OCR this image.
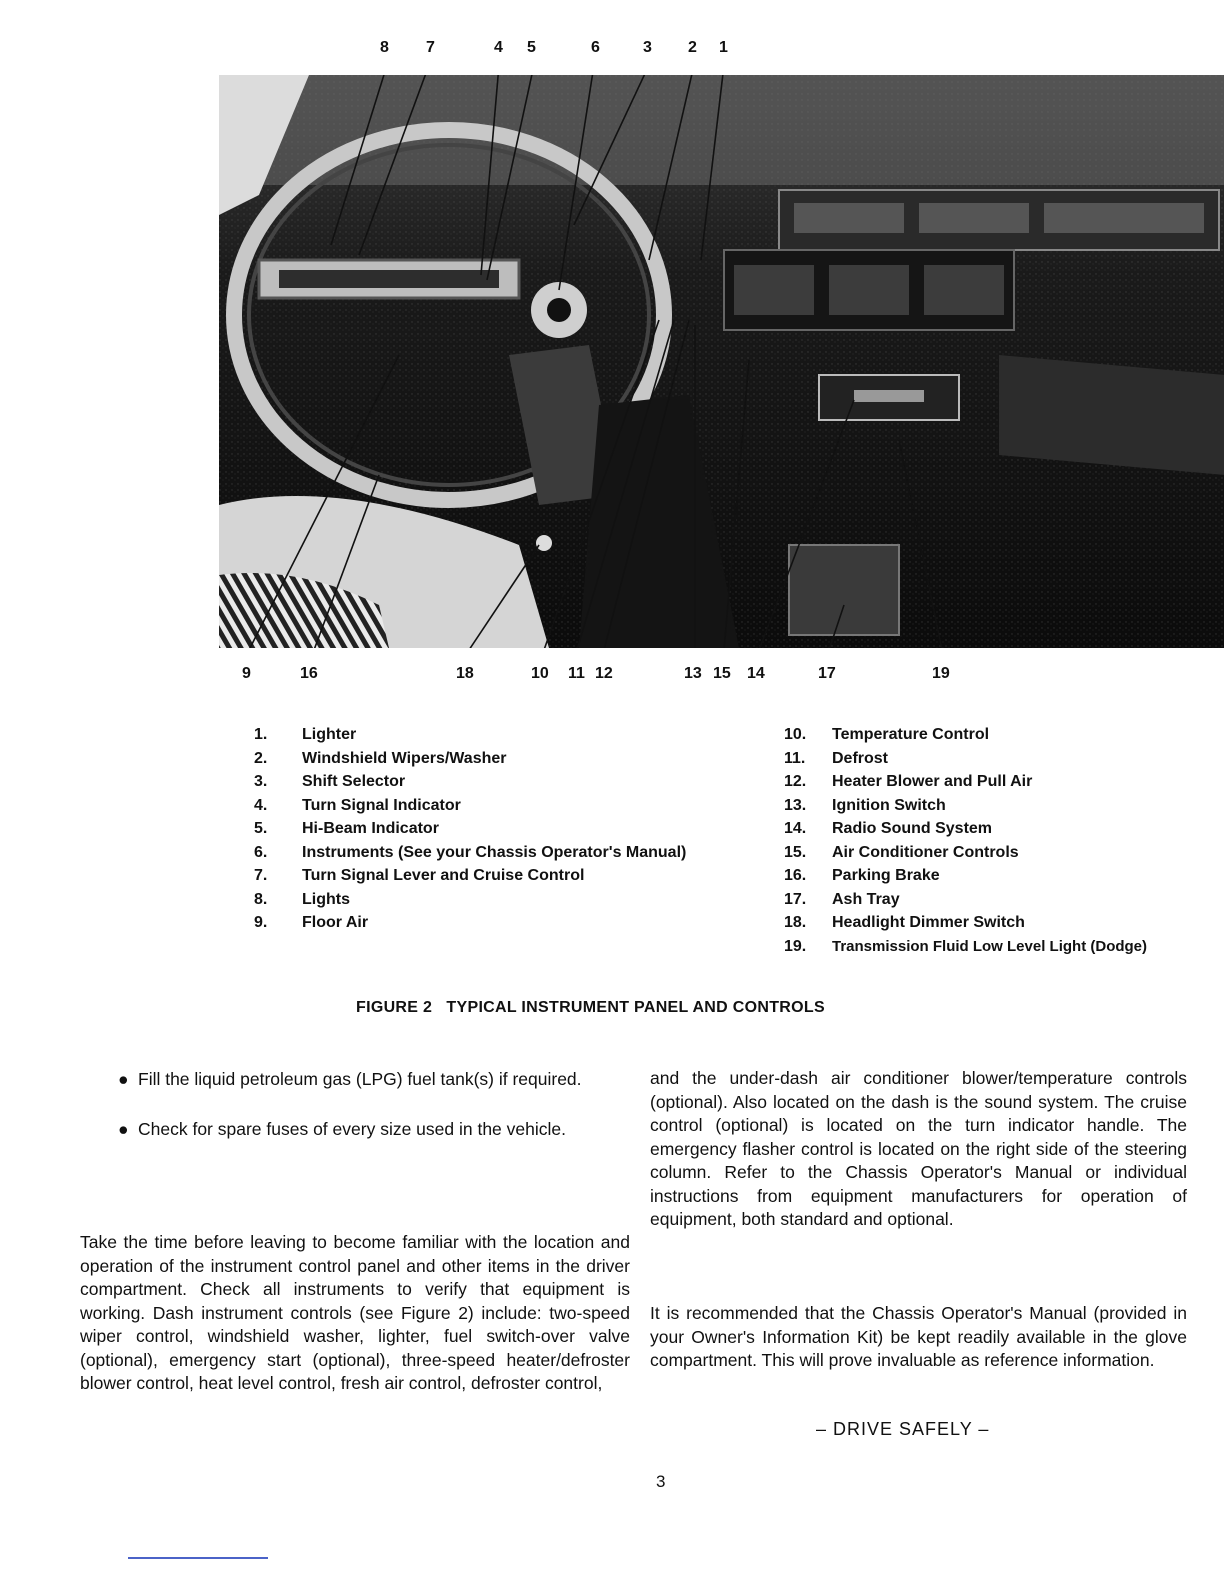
8 7	4 5	6	3 2 1
9	16	18	10 11 12	13 15 14	17	19
1.	Lighter
2.	Windshield Wipers/Washer
3.	Shift Selector
4.	Turn Signal Indicator
5.	Hi-Beam Indicator
6.	Instruments (See your Chassis Operator's Manual)
7.	Turn Signal Lever and Cruise Control
8.	Lights
9.	Floor Air
10.	Temperature Control
11.	Defrost
12.	Heater Blower and Pull Air
13.	Ignition Switch
14.	Radio Sound System
15.	Air Conditioner Controls
16.	Parking Brake
17.	Ash Tray
18.	Headlight Dimmer Switch
19.	Transmission Fluid Low Level Light (Dodge)
FIGURE 2   TYPICAL INSTRUMENT PANEL AND CONTROLS
● Fill the liquid petroleum gas (LPG) fuel tank(s) if required.
● Check for spare fuses of every size used in the vehicle.
Take the time before leaving to become familiar with the location and operation of the instrument control panel and other items in the driver compartment. Check all instruments to verify that equipment is working. Dash instrument controls (see Figure 2) include: two-speed wiper control, windshield washer, lighter, fuel switch-over valve (optional), emergency start (optional), three-speed heater/defroster blower control, heat level control, fresh air control, defroster control,
and the under-dash air conditioner blower/temperature controls (optional). Also located on the dash is the sound system. The cruise control (optional) is located on the turn indicator handle. The emergency flasher control is located on the right side of the steering column. Refer to the Chassis Operator's Manual or individual instructions from equipment manufacturers for operation of equipment, both standard and optional.
It is recommended that the Chassis Operator's Manual (provided in your Owner's Information Kit) be kept readily available in the glove compartment. This will prove invaluable as reference information.
– DRIVE SAFELY –
3
